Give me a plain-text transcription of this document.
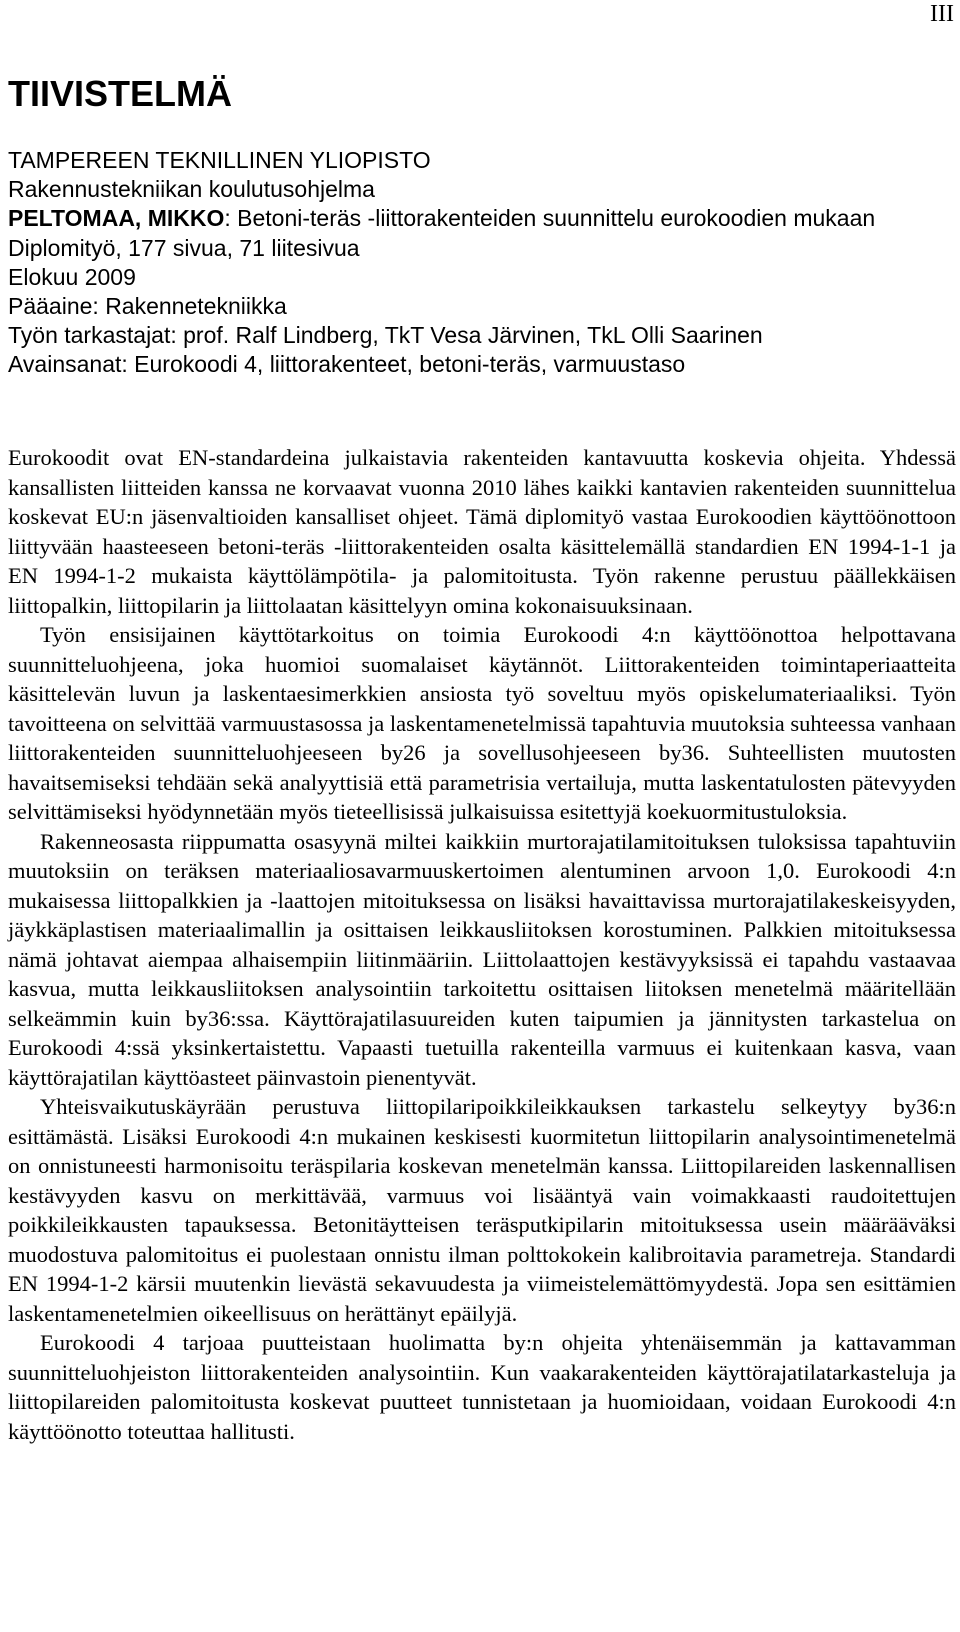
III
TIIVISTELMÄ
TAMPEREEN TEKNILLINEN YLIOPISTO
Rakennustekniikan koulutusohjelma
PELTOMAA, MIKKO: Betoni-teräs -liittorakenteiden suunnittelu eurokoodien mukaan
Diplomityö, 177 sivua, 71 liitesivua
Elokuu 2009
Pääaine: Rakennetekniikka
Työn tarkastajat: prof. Ralf Lindberg, TkT Vesa Järvinen, TkL Olli Saarinen
Avainsanat: Eurokoodi 4, liittorakenteet, betoni-teräs, varmuustaso

Eurokoodit ovat EN-standardeina julkaistavia rakenteiden kantavuutta koskevia ohjeita. Yhdessä kansallisten liitteiden kanssa ne korvaavat vuonna 2010 lähes kaikki kantavien rakenteiden suunnittelua koskevat EU:n jäsenvaltioiden kansalliset ohjeet. Tämä diplomityö vastaa Eurokoodien käyttöönottoon liittyvään haasteeseen betoni-teräs -liittorakenteiden osalta käsittelemällä standardien EN 1994-1-1 ja EN 1994-1-2 mukaista käyttölämpötila- ja palomitoitusta. Työn rakenne perustuu päällekkäisen liittopalkin, liittopilarin ja liittolaatan käsittelyyn omina kokonaisuuksinaan.

Työn ensisijainen käyttötarkoitus on toimia Eurokoodi 4:n käyttöönottoa helpottavana suunnitteluohjeena, joka huomioi suomalaiset käytännöt. Liittorakenteiden toimintaperiaatteita käsittelevän luvun ja laskentaesimerkkien ansiosta työ soveltuu myös opiskelumateriaaliksi. Työn tavoitteena on selvittää varmuustasossa ja laskentamenetelmissä tapahtuvia muutoksia suhteessa vanhaan liittorakenteiden suunnitteluohjeeseen by26 ja sovellusohjeeseen by36. Suhteellisten muutosten havaitsemiseksi tehdään sekä analyyttisiä että parametrisia vertailuja, mutta laskentatulosten pätevyyden selvittämiseksi hyödynnetään myös tieteellisissä julkaisuissa esitettyjä koekuormitustuloksia.

Rakenneosasta riippumatta osasyynä miltei kaikkiin murtorajatilamitoituksen tuloksissa tapahtuviin muutoksiin on teräksen materiaaliosavarmuuskertoimen alentuminen arvoon 1,0. Eurokoodi 4:n mukaisessa liittopalkkien ja -laattojen mitoituksessa on lisäksi havaittavissa murtorajatilakeskeisyyden, jäykkäplastisen materiaalimallin ja osittaisen leikkausliitoksen korostuminen. Palkkien mitoituksessa nämä johtavat aiempaa alhaisempiin liitinmääriin. Liittolaattojen kestävyyksissä ei tapahdu vastaavaa kasvua, mutta leikkausliitoksen analysointiin tarkoitettu osittaisen liitoksen menetelmä määritellään selkeämmin kuin by36:ssa. Käyttörajatilasuureiden kuten taipumien ja jännitysten tarkastelua on Eurokoodi 4:ssä yksinkertaistettu. Vapaasti tuetuilla rakenteilla varmuus ei kuitenkaan kasva, vaan käyttörajatilan käyttöasteet päinvastoin pienentyvät.

Yhteisvaikutuskäyrään perustuva liittopilaripoikkileikkauksen tarkastelu selkeytyy by36:n esittämästä. Lisäksi Eurokoodi 4:n mukainen keskisesti kuormitetun liittopilarin analysointimenetelmä on onnistuneesti harmonisoitu teräspilaria koskevan menetelmän kanssa. Liittopilareiden laskennallisen kestävyyden kasvu on merkittävää, varmuus voi lisääntyä vain voimakkaasti raudoitettujen poikkileikkausten tapauksessa. Betonitäytteisen teräsputkipilarin mitoituksessa usein määrääväksi muodostuva palomitoitus ei puolestaan onnistu ilman polttokokein kalibroitavia parametreja. Standardi EN 1994-1-2 kärsii muutenkin lievästä sekavuudesta ja viimeistelemättömyydestä. Jopa sen esittämien laskentamenetelmien oikeellisuus on herättänyt epäilyjä.

Eurokoodi 4 tarjoaa puutteistaan huolimatta by:n ohjeita yhtenäisemmän ja kattavamman suunnitteluohjeiston liittorakenteiden analysointiin. Kun vaakarakenteiden käyttörajatilatarkasteluja ja liittopilareiden palomitoitusta koskevat puutteet tunnistetaan ja huomioidaan, voidaan Eurokoodi 4:n käyttöönotto toteuttaa hallitusti.
